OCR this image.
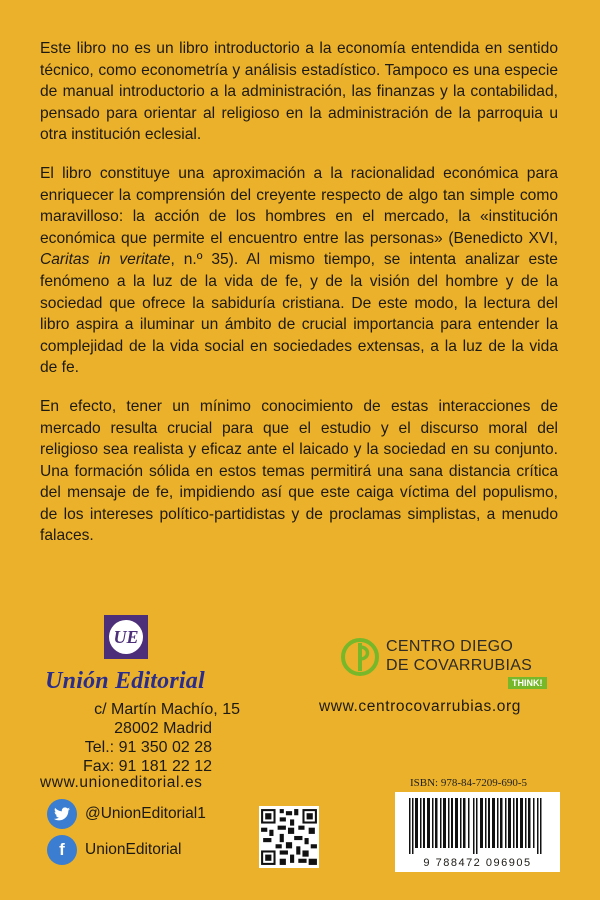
Este libro no es un libro introductorio a la economía entendida en sentido técnico, como econometría y análisis estadístico. Tampoco es una especie de manual introductorio a la administración, las finanzas y la contabilidad, pensado para orientar al religioso en la administración de la parroquia u otra institución eclesial.

El libro constituye una aproximación a la racionalidad económica para enriquecer la comprensión del creyente respecto de algo tan simple como maravilloso: la acción de los hombres en el mercado, la «institución económica que permite el encuentro entre las personas» (Benedicto XVI, Caritas in veritate, n.º 35). Al mismo tiempo, se intenta analizar este fenómeno a la luz de la vida de fe, y de la visión del hombre y de la sociedad que ofrece la sabiduría cristiana. De este modo, la lectura del libro aspira a iluminar un ámbito de crucial importancia para entender la complejidad de la vida social en sociedades extensas, a la luz de la vida de fe.

En efecto, tener un mínimo conocimiento de estas interacciones de mercado resulta crucial para que el estudio y el discurso moral del religioso sea realista y eficaz ante el laicado y la sociedad en su conjunto. Una formación sólida en estos temas permitirá una sana distancia crítica del mensaje de fe, impidiendo así que este caiga víctima del populismo, de los intereses político-partidistas y de proclamas simplistas, a menudo falaces.

UE
Unión Editorial
c/ Martín Machío, 15
28002 Madrid
Tel.: 91 350 02 28
Fax: 91 181 22 12
www.unioneditorial.es
@UnionEditorial1
f	UnionEditorial
CENTRO DIEGO
DE COVARRUBIAS
THINK!
www.centrocovarrubias.org
ISBN: 978-84-7209-690-5
9 788472 096905
